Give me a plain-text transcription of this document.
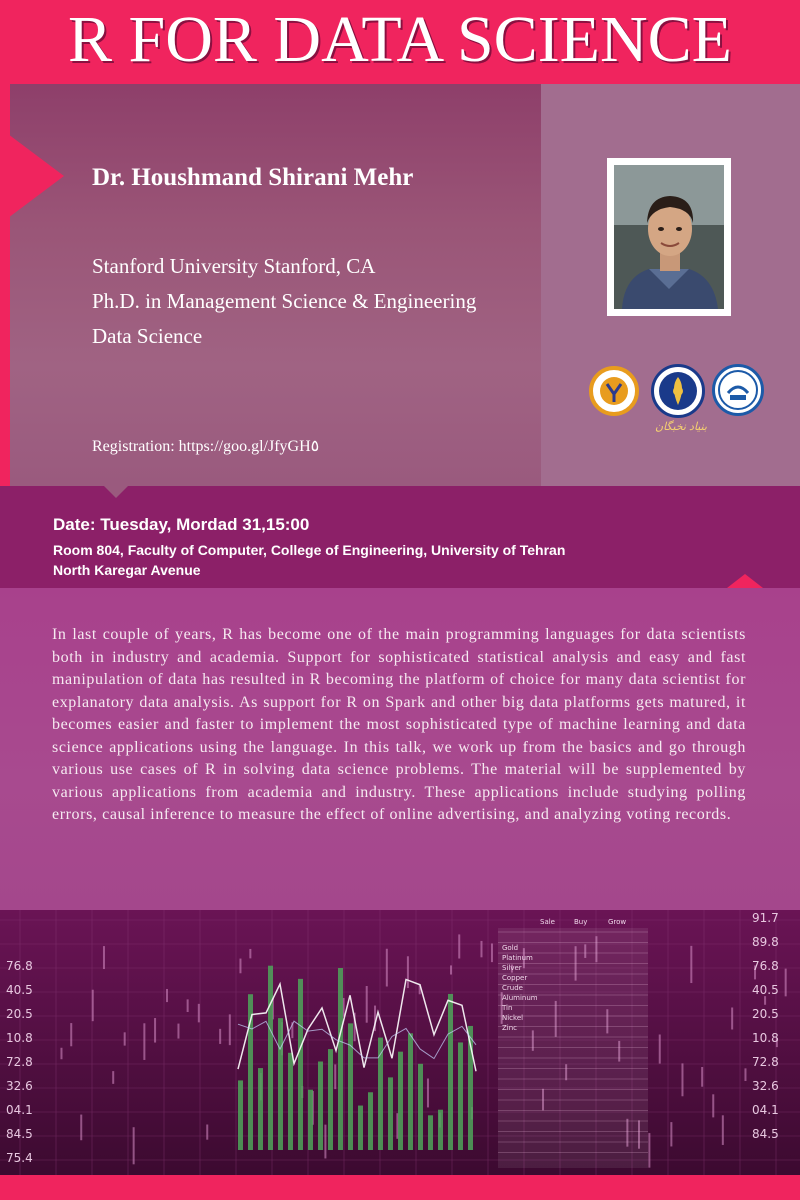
R FOR DATA SCIENCE
Dr. Houshmand Shirani Mehr
Stanford University Stanford, CA
Ph.D. in Management Science & Engineering
Data Science
Registration: https://goo.gl/JfyGH٥
بنیاد نخبگان
Date: Tuesday, Mordad 31,15:00
Room 804, Faculty of Computer, College of Engineering, University of Tehran
North Karegar Avenue
In last couple of years, R has become one of the main programming languages for data scientists both in industry and academia. Support for sophisticated statistical analysis and easy and fast manipulation of data has resulted in R becoming the platform of choice for many data scientist for explanatory data analysis. As support for R on Spark and other big data platforms gets matured, it becomes easier and faster to implement the most sophisticated type of machine learning and data science applications using the language. In this talk, we work up from the basics and go through various use cases of R in solving data science problems. The material will be supplemented by various applications from academia and industry. These applications include studying polling errors, causal inference to measure the effect of online advertising, and analyzing voting records.
76.8
40.5
20.5
10.8
72.8
32.6
04.1
84.5
75.4
91.7
89.8
76.8
40.5
20.5
10.8
72.8
32.6
04.1
84.5
Sale	Buy	Grow
Gold
Platinum
Silver
Copper
Crude
Aluminum
Tin
Nickel
Zinc
